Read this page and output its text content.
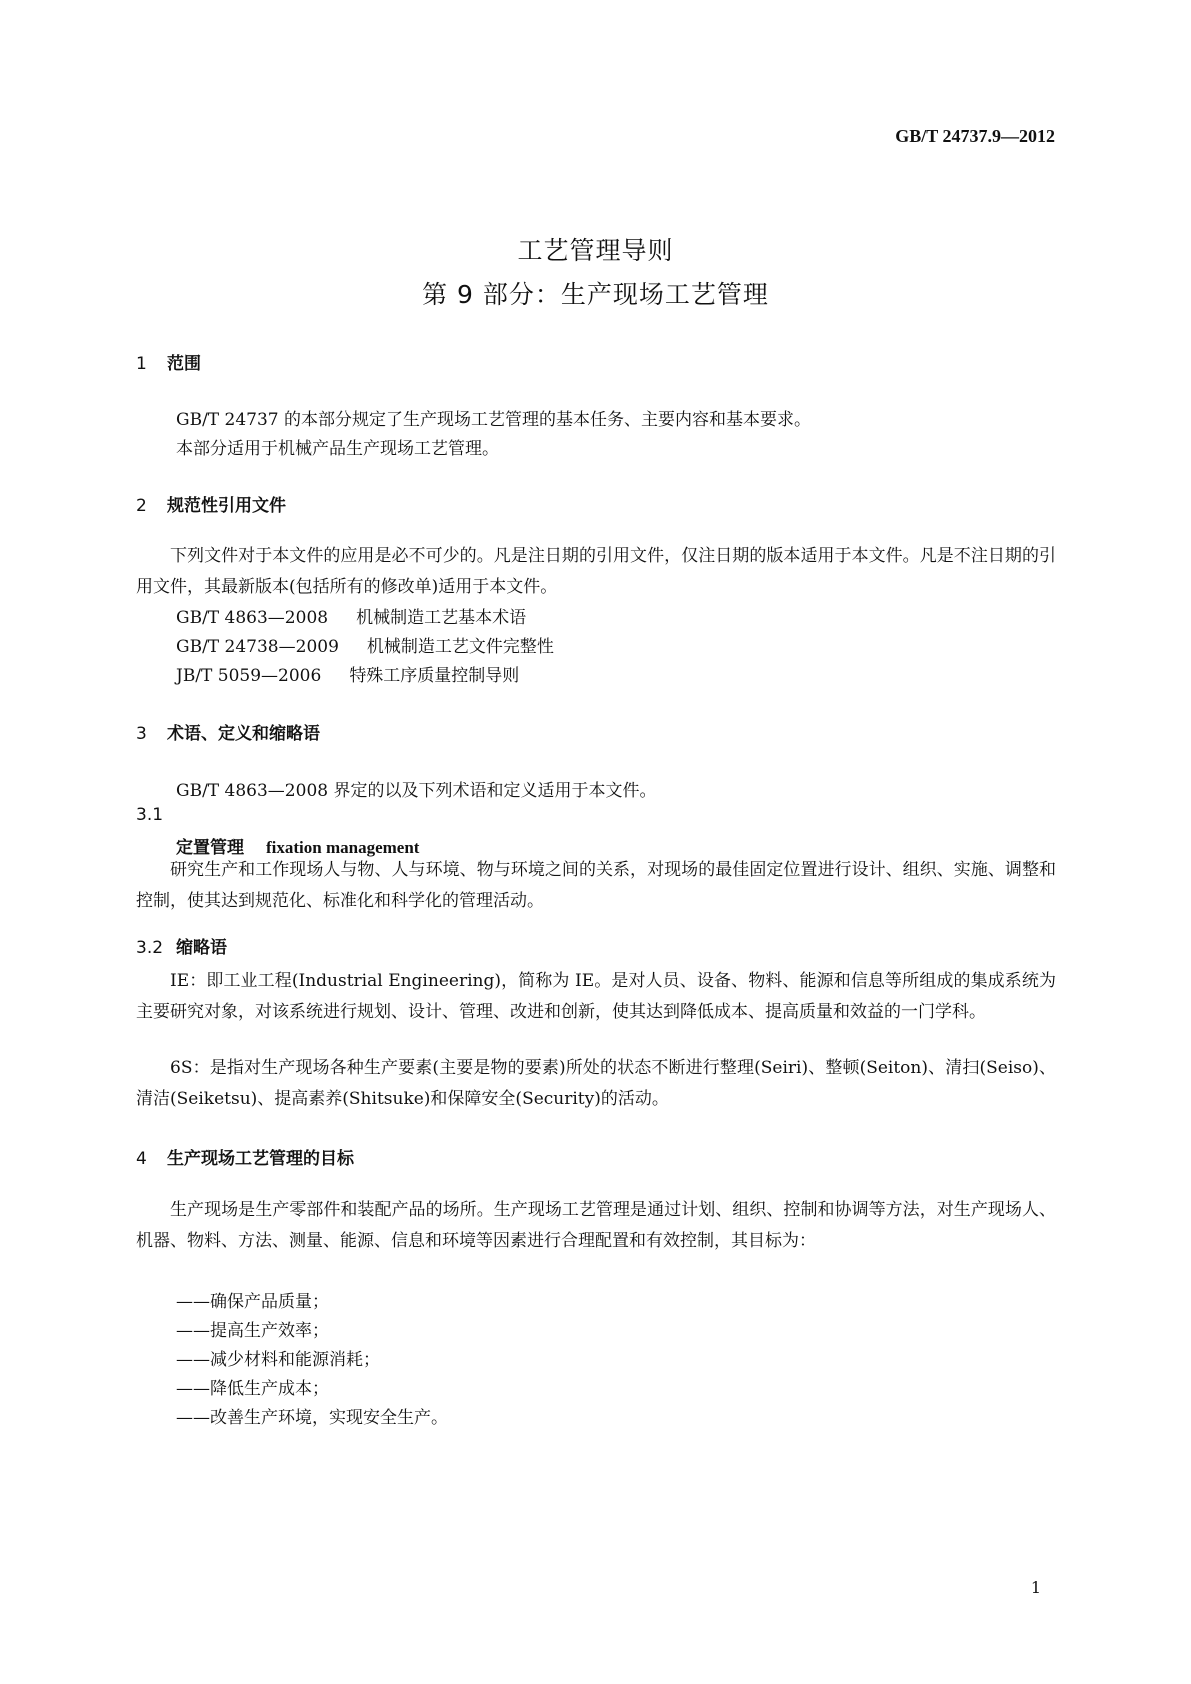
GB/T 24737.9—2012
工艺管理导则
第 9 部分：生产现场工艺管理
1 范围
GB/T 24737 的本部分规定了生产现场工艺管理的基本任务、主要内容和基本要求。
本部分适用于机械产品生产现场工艺管理。
2 规范性引用文件
下列文件对于本文件的应用是必不可少的。凡是注日期的引用文件，仅注日期的版本适用于本文件。凡是不注日期的引用文件，其最新版本(包括所有的修改单)适用于本文件。
GB/T 4863—2008 机械制造工艺基本术语
GB/T 24738—2009 机械制造工艺文件完整性
JB/T 5059—2006 特殊工序质量控制导则
3 术语、定义和缩略语
GB/T 4863—2008 界定的以及下列术语和定义适用于本文件。
3.1
定置管理 fixation management
研究生产和工作现场人与物、人与环境、物与环境之间的关系，对现场的最佳固定位置进行设计、组织、实施、调整和控制，使其达到规范化、标准化和科学化的管理活动。
3.2 缩略语
IE：即工业工程(Industrial Engineering)，简称为 IE。是对人员、设备、物料、能源和信息等所组成的集成系统为主要研究对象，对该系统进行规划、设计、管理、改进和创新，使其达到降低成本、提高质量和效益的一门学科。
6S：是指对生产现场各种生产要素(主要是物的要素)所处的状态不断进行整理(Seiri)、整顿(Seiton)、清扫(Seiso)、清洁(Seiketsu)、提高素养(Shitsuke)和保障安全(Security)的活动。
4 生产现场工艺管理的目标
生产现场是生产零部件和装配产品的场所。生产现场工艺管理是通过计划、组织、控制和协调等方法，对生产现场人、机器、物料、方法、测量、能源、信息和环境等因素进行合理配置和有效控制，其目标为：
——确保产品质量；
——提高生产效率；
——减少材料和能源消耗；
——降低生产成本；
——改善生产环境，实现安全生产。
1
